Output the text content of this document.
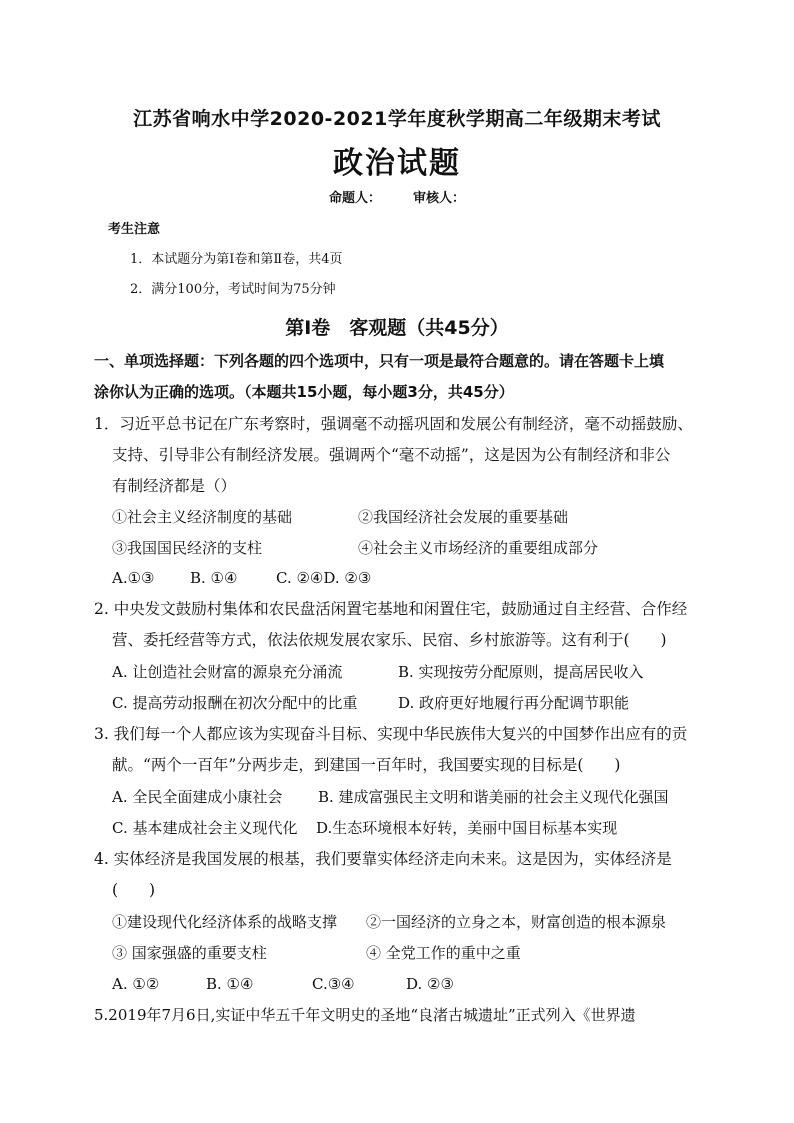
江苏省响水中学2020-2021学年度秋学期高二年级期末考试
政治试题
命题人： 审核人：
考生注意
1．本试题分为第Ⅰ卷和第Ⅱ卷，共4页
2．满分100分，考试时间为75分钟
第Ⅰ卷　客观题（共45分）
一、单项选择题：下列各题的四个选项中，只有一项是最符合题意的。请在答题卡上填
涂你认为正确的选项。（本题共15小题，每小题3分，共45分）
1．习近平总书记在广东考察时，强调毫不动摇巩固和发展公有制经济，毫不动摇鼓励、
支持、引导非公有制经济发展。强调两个“毫不动摇”，这是因为公有制经济和非公
有制经济都是（）
①社会主义经济制度的基础	②我国经济社会发展的重要基础
③我国国民经济的支柱	④社会主义市场经济的重要组成部分
A.①③ B. ①④	C. ②④D. ②③
2. 中央发文鼓励村集体和农民盘活闲置宅基地和闲置住宅，鼓励通过自主经营、合作经
营、委托经营等方式，依法依规发展农家乐、民宿、乡村旅游等。这有利于(　　)
A. 让创造社会财富的源泉充分涌流	B. 实现按劳分配原则，提高居民收入
C. 提高劳动报酬在初次分配中的比重	D. 政府更好地履行再分配调节职能
3. 我们每一个人都应该为实现奋斗目标、实现中华民族伟大复兴的中国梦作出应有的贡
献。“两个一百年”分两步走，到建国一百年时，我国要实现的目标是(　　)
A. 全民全面建成小康社会 B. 建成富强民主文明和谐美丽的社会主义现代化强国
C. 基本建成社会主义现代化 D.生态环境根本好转，美丽中国目标基本实现
4. 实体经济是我国发展的根基，我们要靠实体经济走向未来。这是因为，实体经济是
(　　)
①建设现代化经济体系的战略支撑 ②一国经济的立身之本，财富创造的根本源泉
③ 国家强盛的重要支柱	④ 全党工作的重中之重
A. ①②	B. ①④	C.③④	D. ②③
5.2019年7月6日,实证中华五千年文明史的圣地“良渚古城遗址”正式列入《世界遗
